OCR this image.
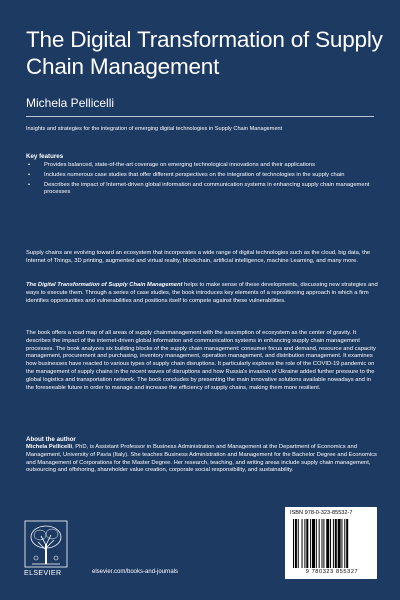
The Digital Transformation of Supply Chain Management
Michela Pellicelli
Insights and strategies for the integration of emerging digital technologies in Supply Chain Management
Key features
• Provides balanced, state-of-the-art coverage on emerging technological innovations and their applications
• Includes numerous case studies that offer different perspectives on the integration of technologies in the supply chain
• Describes the impact of Internet-driven global information and communication systems in enhancing supply chain management processes

Supply chains are evolving toward an ecosystem that incorporates a wide range of digital technologies such as the cloud, big data, the Internet of Things, 3D printing, augmented and virtual reality, blockchain, artificial intelligence, machine Learning, and many more.

The Digital Transformation of Supply Chain Management helps to make sense of these developments, discussing new strategies and ways to execute them. Through a series of case studies, the book introduces key elements of a repositioning approach in which a firm identifies opportunities and vulnerabilities and positions itself to compete against these vulnerabilities.

The book offers a road map of all areas of supply chainmanagement with the assumption of ecosystem as the center of gravity. It describes the impact of the internet-driven global information and communication systems in enhancing supply chain management processes. The book analyzes six building blocks of the supply chain management: consumer focus and demand, resource and capacity management, procurement and purchasing, inventory management, operation management, and distribution management. It examines how businesses have reacted to various types of supply chain disruptions. It particularly explores the role of the COVID-19 pandemic on the management of supply chains in the recent waves of disruptions and how Russia's invasion of Ukraine added further pressure to the global logistics and transportation network. The book concludes by presenting the main innovative solutions available nowadays and in the foreseeable future in order to manage and increase the efficiency of supply chains, making them more resilient.

About the author

Michela Pellicelli, PhD, is Assistant Professor in Business Administration and Management at the Department of Economics and Management, University of Pavia (Italy). She teaches Business Administration and Management for the Bachelor Degree and Economics and Management of Corporations for the Master Degree. Her research, teaching, and writing areas include supply chain management, outsourcing and offshoring, shareholder value creation, corporate social responsibility, and sustainability.

ELSEVIER	elsevier.com/books-and-journals
ISBN 978-0-323-85532-7
9 780323 855327
